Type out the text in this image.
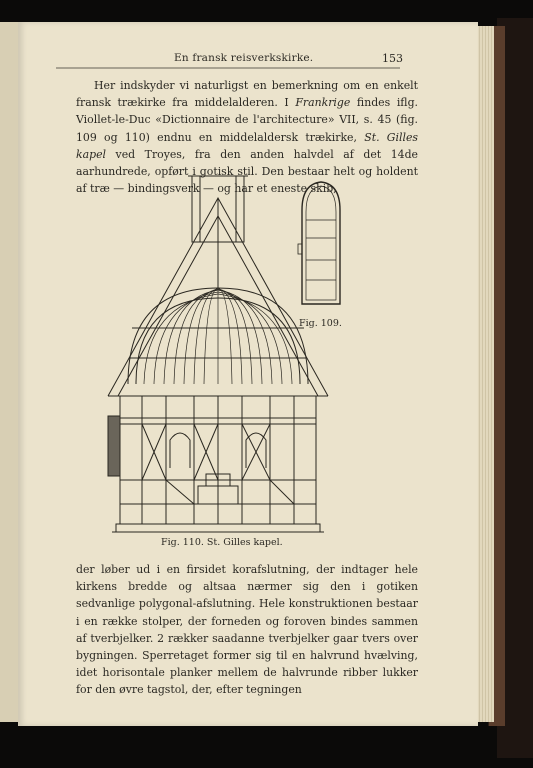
En fransk reisverkskirke.	153

Her indskyder vi naturligst en bemerkning om en enkelt fransk trækirke fra middelalderen. I Frankrige findes iflg. Viollet-le-Duc «Dictionnaire de l'architecture» VII, s. 45 (fig. 109 og 110) endnu en middelaldersk trækirke, St. Gilles kapel ved Troyes, fra den anden halvdel af det 14de aarhundrede, opført i gotisk stil. Den bestaar helt og holdent af træ — bindingsverk — og har et eneste skib,

Fig. 109.
Fig. 110. St. Gilles kapel.

der løber ud i en firsidet korafslutning, der indtager hele kirkens bredde og altsaa nærmer sig den i gotiken sedvanlige polygonal-afslutning. Hele konstruktionen bestaar i en række stolper, der forneden og foroven bindes sammen af tverbjelker. 2 rækker saadanne tverbjelker gaar tvers over bygningen. Sperretaget former sig til en halvrund hvælving, idet horisontale planker mellem de halvrunde ribber lukker for den øvre tagstol, der, efter tegningen
